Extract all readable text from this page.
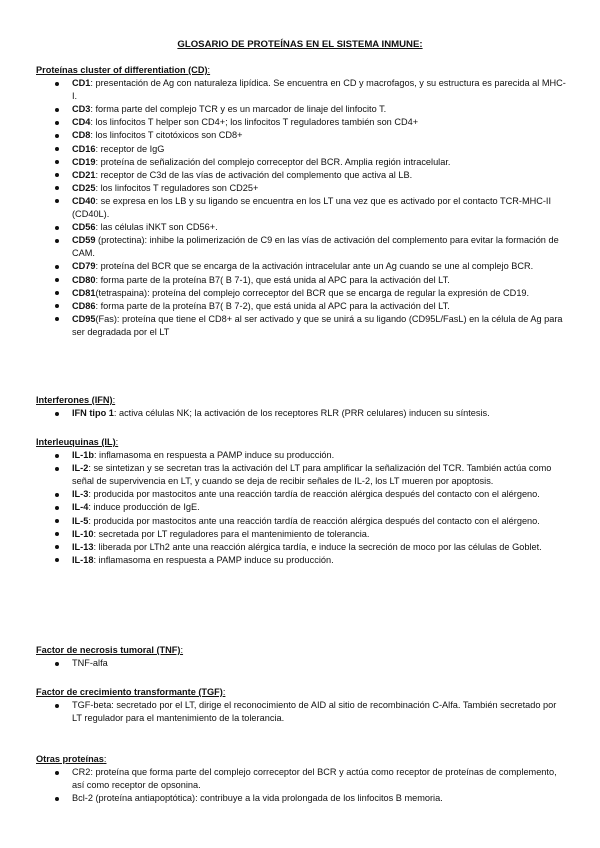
GLOSARIO DE PROTEÍNAS EN EL SISTEMA INMUNE:

Proteínas cluster of differentiation (CD):

CD1: presentación de Ag con naturaleza lipídica. Se encuentra en CD y macrofagos, y su estructura es parecida al MHC-I.
CD3: forma parte del complejo TCR y es un marcador de linaje del linfocito T.
CD4: los linfocitos T helper son CD4+; los linfocitos T reguladores también son CD4+
CD8: los linfocitos T citotóxicos son CD8+
CD16: receptor de IgG
CD19: proteína de señalización del complejo correceptor del BCR. Amplia región intracelular.
CD21: receptor de C3d de las vías de activación del complemento que activa al LB.
CD25: los linfocitos T reguladores son CD25+
CD40: se expresa en los LB y su ligando se encuentra en los LT una vez que es activado por el contacto TCR-MHC-II (CD40L).
CD56: las células iNKT son CD56+.
CD59 (protectina): inhibe la polimerización de C9 en las vías de activación del complemento para evitar la formación de CAM.
CD79: proteína del BCR que se encarga de la activación intracelular ante un Ag cuando se une al complejo BCR.
CD80: forma parte de la proteína B7( B 7-1), que está unida al APC para la activación del LT.
CD81(tetraspaina): proteína del complejo correceptor del BCR que se encarga de regular la expresión de CD19.
CD86: forma parte de la proteína B7( B 7-2), que está unida al APC para la activación del LT.
CD95(Fas): proteína que tiene el CD8+ al ser activado y que se unirá a su ligando (CD95L/FasL) en la célula de Ag para ser degradada por el LT

Interferones (IFN):

IFN tipo 1: activa células NK; la activación de los receptores RLR (PRR celulares) inducen su síntesis.

Interleuquinas (IL):

IL-1b: inflamasoma en respuesta a PAMP induce su producción.
IL-2: se sintetizan y se secretan tras la activación del LT para amplificar la señalización del TCR. También actúa como señal de supervivencia en LT, y cuando se deja de recibir señales de IL-2, los LT mueren por apoptosis.
IL-3: producida por mastocitos ante una reacción tardía de reacción alérgica después del contacto con el alérgeno.
IL-4: induce producción de IgE.
IL-5: producida por mastocitos ante una reacción tardía de reacción alérgica después del contacto con el alérgeno.
IL-10: secretada por LT reguladores para el mantenimiento de tolerancia.
IL-13: liberada por LTh2 ante una reacción alérgica tardía, e induce la secreción de moco por las células de Goblet.
IL-18: inflamasoma en respuesta a PAMP induce su producción.

Factor de necrosis tumoral (TNF):

TNF-alfa

Factor de crecimiento transformante (TGF):

TGF-beta: secretado por el LT, dirige el reconocimiento de AID al sitio de recombinación C-Alfa. También secretado por LT regulador para el mantenimiento de la tolerancia.

Otras proteínas:

CR2: proteína que forma parte del complejo correceptor del BCR y actúa como receptor de proteínas de complemento, así como receptor de opsonina.
Bcl-2 (proteína antiapoptótica): contribuye a la vida prolongada de los linfocitos B memoria.
